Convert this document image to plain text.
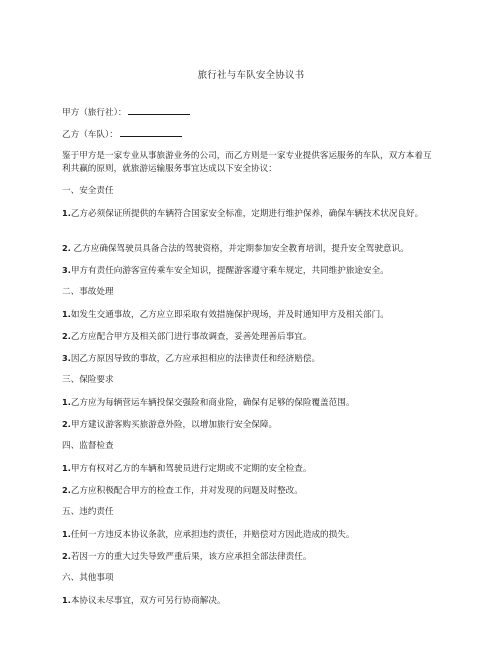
旅行社与车队安全协议书
甲方（旅行社）：
乙方（车队）：
鉴于甲方是一家专业从事旅游业务的公司，而乙方则是一家专业提供客运服务的车队，双方本着互利共赢的原则，就旅游运输服务事宜达成以下安全协议：
一、安全责任
1.乙方必须保证所提供的车辆符合国家安全标准，定期进行维护保养，确保车辆技术状况良好。
2. 乙方应确保驾驶员具备合法的驾驶资格，并定期参加安全教育培训，提升安全驾驶意识。
3.甲方有责任向游客宣传乘车安全知识，提醒游客遵守乘车规定，共同维护旅途安全。
二、事故处理
1.如发生交通事故，乙方应立即采取有效措施保护现场，并及时通知甲方及相关部门。
2.乙方应配合甲方及相关部门进行事故调查，妥善处理善后事宜。
3.因乙方原因导致的事故，乙方应承担相应的法律责任和经济赔偿。
三、保险要求
1.乙方应为每辆营运车辆投保交强险和商业险，确保有足够的保险覆盖范围。
2.甲方建议游客购买旅游意外险，以增加旅行安全保障。
四、监督检查
1.甲方有权对乙方的车辆和驾驶员进行定期或不定期的安全检查。
2.乙方应积极配合甲方的检查工作，并对发现的问题及时整改。
五、违约责任
1.任何一方违反本协议条款，应承担违约责任，并赔偿对方因此造成的损失。
2.若因一方的重大过失导致严重后果，该方应承担全部法律责任。
六、其他事项
1.本协议未尽事宜，双方可另行协商解决。
